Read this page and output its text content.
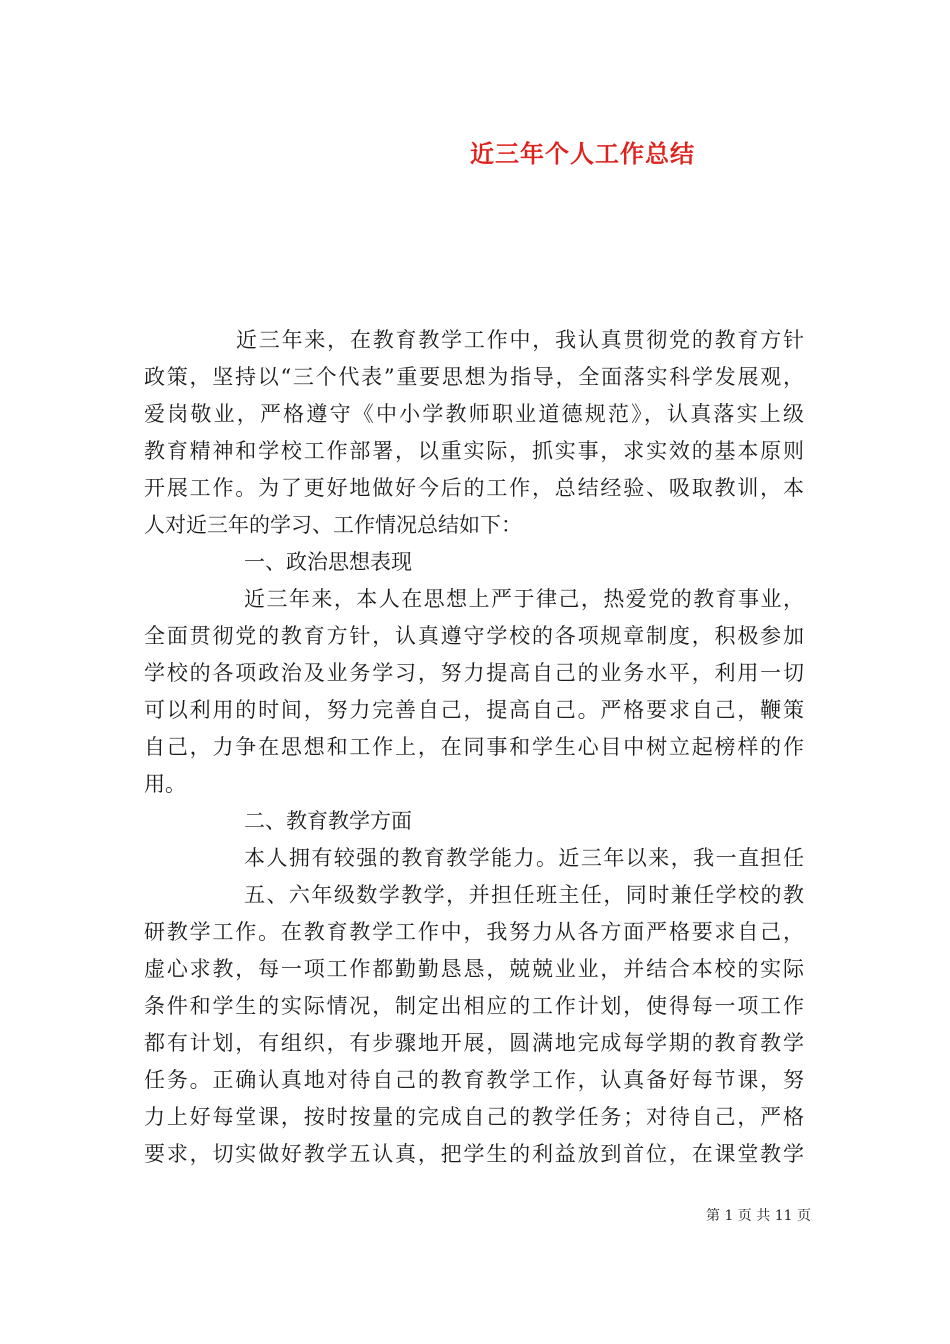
近三年个人工作总结
近三年来，在教育教学工作中，我认真贯彻党的教育方针
政策，坚持以“三个代表”重要思想为指导，全面落实科学发展观，
爱岗敬业，严格遵守《中小学教师职业道德规范》，认真落实上级
教育精神和学校工作部署，以重实际，抓实事，求实效的基本原则
开展工作。为了更好地做好今后的工作，总结经验、吸取教训，本
人对近三年的学习、工作情况总结如下：
一、政治思想表现
近三年来，本人在思想上严于律己，热爱党的教育事业，
全面贯彻党的教育方针，认真遵守学校的各项规章制度，积极参加
学校的各项政治及业务学习，努力提高自己的业务水平，利用一切
可以利用的时间，努力完善自己，提高自己。严格要求自己，鞭策
自己，力争在思想和工作上，在同事和学生心目中树立起榜样的作
用。
二、教育教学方面
本人拥有较强的教育教学能力。近三年以来，我一直担任
五、六年级数学教学，并担任班主任，同时兼任学校的教
研教学工作。在教育教学工作中，我努力从各方面严格要求自己，
虚心求教，每一项工作都勤勤恳恳，兢兢业业，并结合本校的实际
条件和学生的实际情况，制定出相应的工作计划，使得每一项工作
都有计划，有组织，有步骤地开展，圆满地完成每学期的教育教学
任务。正确认真地对待自己的教育教学工作，认真备好每节课，努
力上好每堂课，按时按量的完成自己的教学任务；对待自己，严格
要求，切实做好教学五认真，把学生的利益放到首位，在课堂教学
第 1 页 共 11 页
